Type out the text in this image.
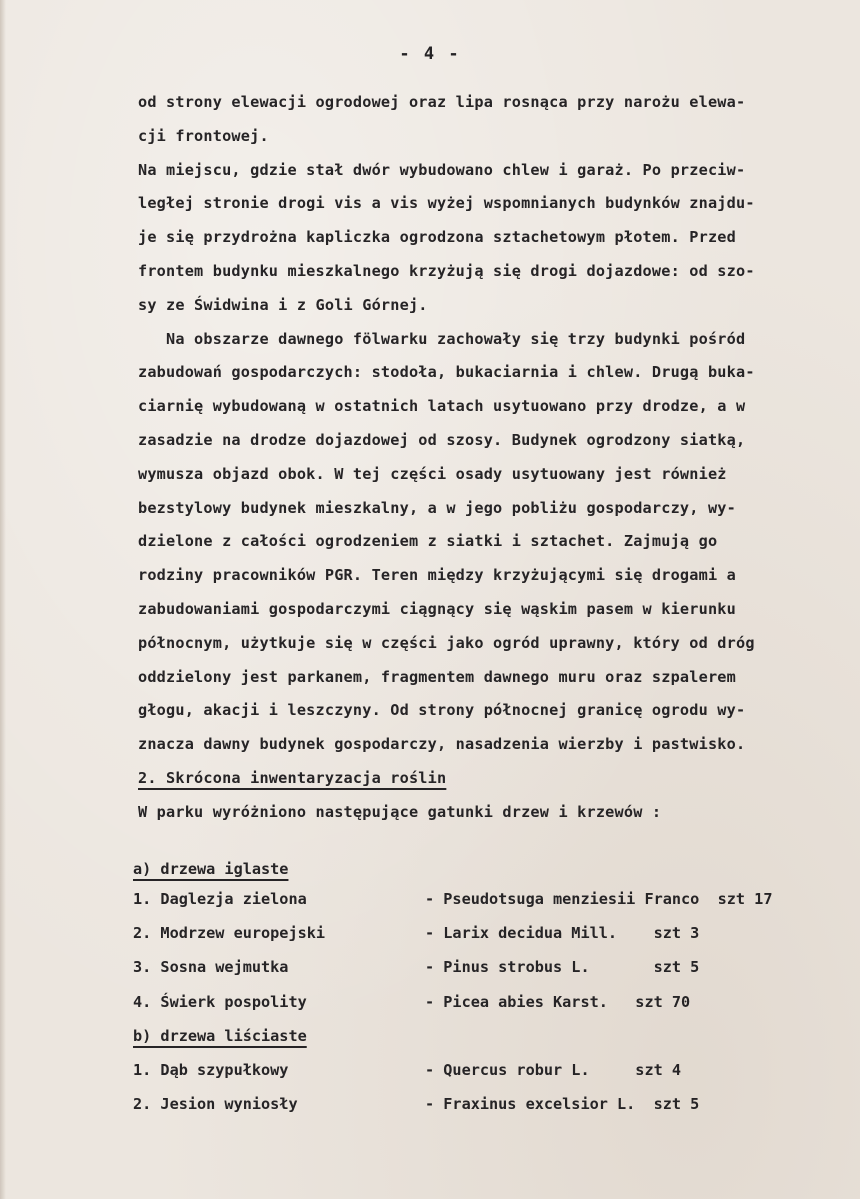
- 4 -
od strony elewacji ogrodowej oraz lipa rosnąca przy narożu elewa-
cji frontowej.
Na miejscu, gdzie stał dwór wybudowano chlew i garaż. Po przeciw-
ległej stronie drogi vis a vis wyżej wspomnianych budynków znajdu-
je się przydrożna kapliczka ogrodzona sztachetowym płotem. Przed
frontem budynku mieszkalnego krzyżują się drogi dojazdowe: od szo-
sy ze Świdwina i z Goli Górnej.
Na obszarze dawnego fölwarku zachowały się trzy budynki pośród
zabudowań gospodarczych: stodoła, bukaciarnia i chlew. Drugą buka-
ciarnię wybudowaną w ostatnich latach usytuowano przy drodze, a w
zasadzie na drodze dojazdowej od szosy. Budynek ogrodzony siatką,
wymusza objazd obok. W tej części osady usytuowany jest również
bezstylowy budynek mieszkalny, a w jego pobliżu gospodarczy, wy-
dzielone z całości ogrodzeniem z siatki i sztachet. Zajmują go
rodziny pracowników PGR. Teren między krzyżującymi się drogami a
zabudowaniami gospodarczymi ciągnący się wąskim pasem w kierunku
północnym, użytkuje się w części jako ogród uprawny, który od dróg
oddzielony jest parkanem, fragmentem dawnego muru oraz szpalerem
głogu, akacji i leszczyny. Od strony północnej granicę ogrodu wy-
znacza dawny budynek gospodarczy, nasadzenia wierzby i pastwisko.
2. Skrócona inwentaryzacja roślin
W parku wyróżniono następujące gatunki drzew i krzewów :
a) drzewa iglaste
1. Daglezja zielona	- Pseudotsuga menziesii Franco  szt 17
2. Modrzew europejski	- Larix decidua Mill.    szt 3
3. Sosna wejmutka	- Pinus strobus L.       szt 5
4. Świerk pospolity	- Picea abies Karst.   szt 70
b) drzewa liściaste
1. Dąb szypułkowy	- Quercus robur L.     szt 4
2. Jesion wyniosły	- Fraxinus excelsior L.  szt 5
